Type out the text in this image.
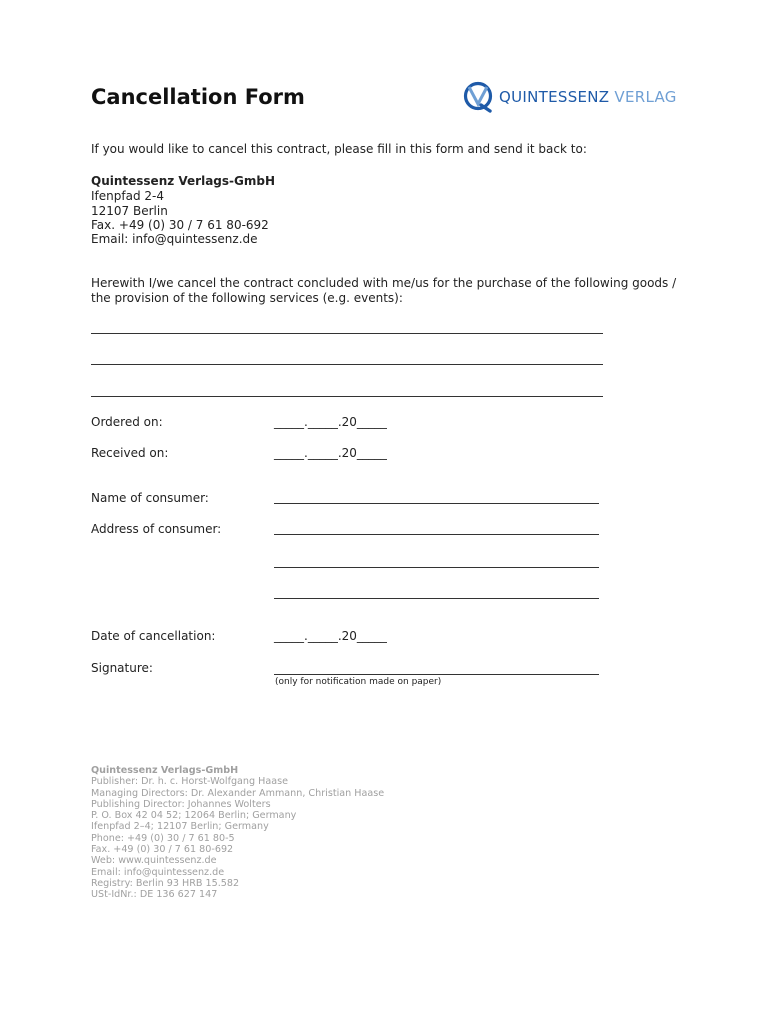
Cancellation Form	QUINTESSENZ VERLAG
If you would like to cancel this contract, please fill in this form and send it back to:
Quintessenz Verlags-GmbH
Ifenpfad 2-4
12107 Berlin
Fax. +49 (0) 30 / 7 61 80-692
Email: info@quintessenz.de
Herewith I/we cancel the contract concluded with me/us for the purchase of the following goods /
the provision of the following services (e.g. events):
Ordered on:	_____._____.20_____
Received on:	_____._____.20_____
Name of consumer:
Address of consumer:
Date of cancellation:	_____._____.20_____
Signature:
(only for notification made on paper)
Quintessenz Verlags-GmbH
Publisher: Dr. h. c. Horst-Wolfgang Haase
Managing Directors: Dr. Alexander Ammann, Christian Haase
Publishing Director: Johannes Wolters
P. O. Box 42 04 52; 12064 Berlin; Germany
Ifenpfad 2–4; 12107 Berlin; Germany
Phone: +49 (0) 30 / 7 61 80-5
Fax. +49 (0) 30 / 7 61 80-692
Web: www.quintessenz.de
Email: info@quintessenz.de
Registry: Berlin 93 HRB 15.582
USt-IdNr.: DE 136 627 147
